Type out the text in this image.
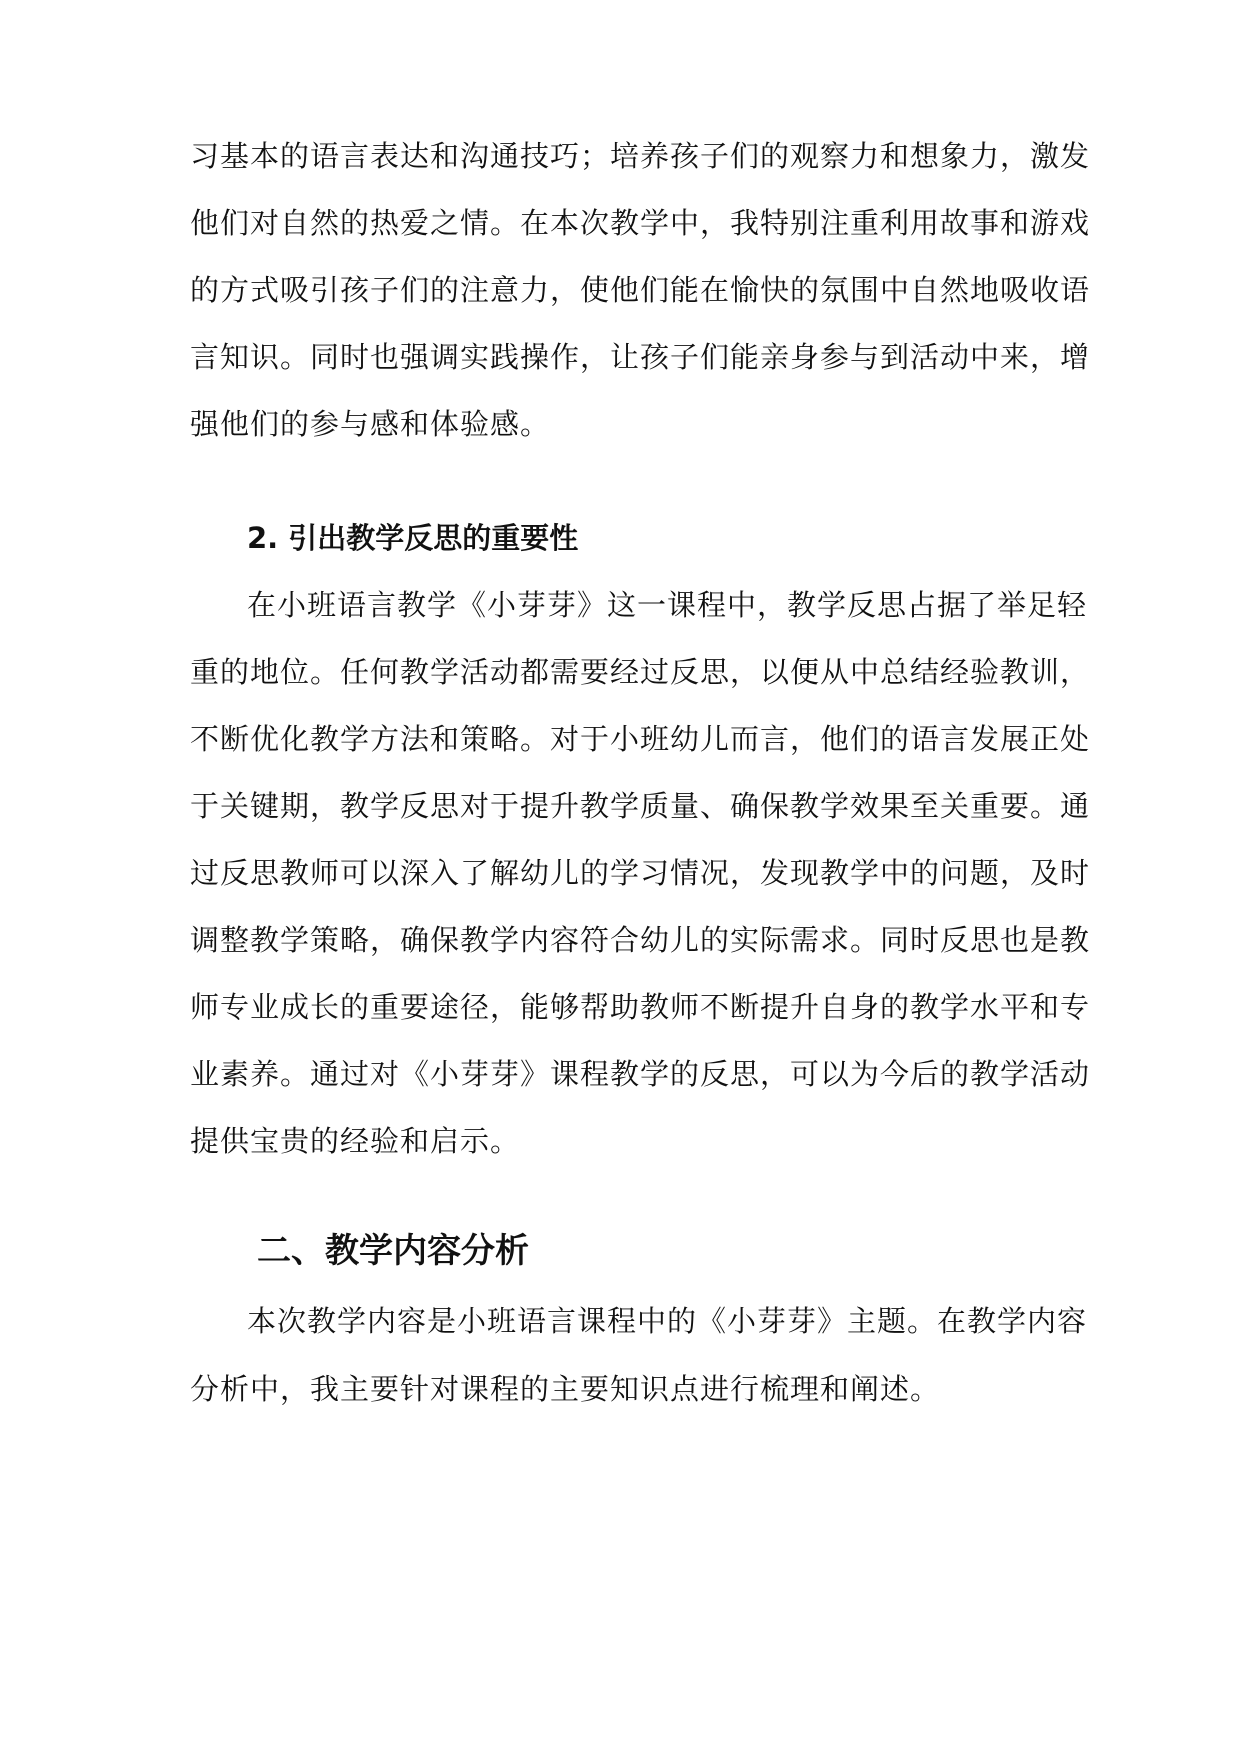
习基本的语言表达和沟通技巧；培养孩子们的观察力和想象力，激发
他们对自然的热爱之情。在本次教学中，我特别注重利用故事和游戏
的方式吸引孩子们的注意力，使他们能在愉快的氛围中自然地吸收语
言知识。同时也强调实践操作，让孩子们能亲身参与到活动中来，增
强他们的参与感和体验感。
2. 引出教学反思的重要性
在小班语言教学《小芽芽》这一课程中，教学反思占据了举足轻
重的地位。任何教学活动都需要经过反思，以便从中总结经验教训，
不断优化教学方法和策略。对于小班幼儿而言，他们的语言发展正处
于关键期，教学反思对于提升教学质量、确保教学效果至关重要。通
过反思教师可以深入了解幼儿的学习情况，发现教学中的问题，及时
调整教学策略，确保教学内容符合幼儿的实际需求。同时反思也是教
师专业成长的重要途径，能够帮助教师不断提升自身的教学水平和专
业素养。通过对《小芽芽》课程教学的反思，可以为今后的教学活动
提供宝贵的经验和启示。
二、教学内容分析
本次教学内容是小班语言课程中的《小芽芽》主题。在教学内容
分析中，我主要针对课程的主要知识点进行梳理和阐述。
